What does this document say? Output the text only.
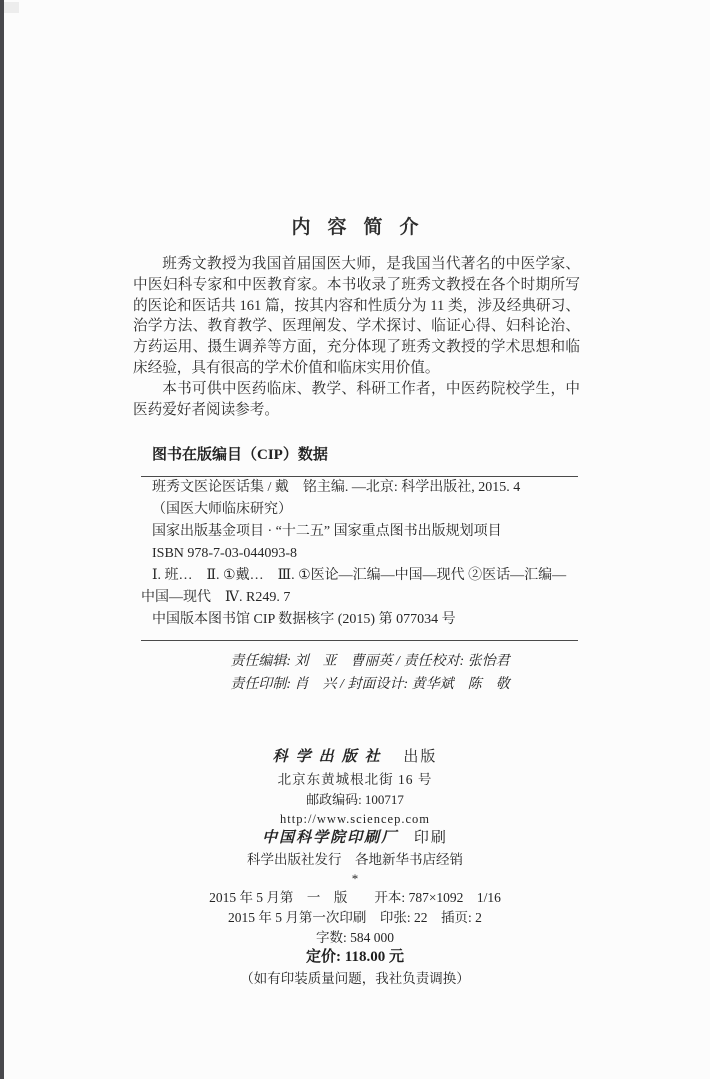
内容简介

班秀文教授为我国首届国医大师，是我国当代著名的中医学家、中医妇科专家和中医教育家。本书收录了班秀文教授在各个时期所写的医论和医话共 161 篇，按其内容和性质分为 11 类，涉及经典研习、治学方法、教育教学、医理阐发、学术探讨、临证心得、妇科论治、方药运用、摄生调养等方面，充分体现了班秀文教授的学术思想和临床经验，具有很高的学术价值和临床实用价值。

本书可供中医药临床、教学、科研工作者，中医药院校学生，中医药爱好者阅读参考。

图书在版编目（CIP）数据
班秀文医论医话集 / 戴　铭主编. —北京: 科学出版社, 2015. 4
（国医大师临床研究）
国家出版基金项目 · “十二五” 国家重点图书出版规划项目
ISBN 978-7-03-044093-8
Ⅰ. 班…　Ⅱ. ①戴…　Ⅲ. ①医论—汇编—中国—现代 ②医话—汇编—
中国—现代　Ⅳ. R249. 7
中国版本图书馆 CIP 数据核字 (2015) 第 077034 号
责任编辑: 刘　亚　曹丽英 / 责任校对: 张怡君
责任印制: 肖　兴 / 封面设计: 黄华斌　陈　敬
科学出版社 出版
北京东黄城根北街 16 号
邮政编码: 100717
http://www.sciencep.com
中国科学院印刷厂 印刷
科学出版社发行　各地新华书店经销
*
2015 年 5 月第　一　版　　开本: 787×1092　1/16
2015 年 5 月第一次印刷　印张: 22　插页: 2
字数: 584 000
定价: 118.00 元
（如有印装质量问题，我社负责调换）
